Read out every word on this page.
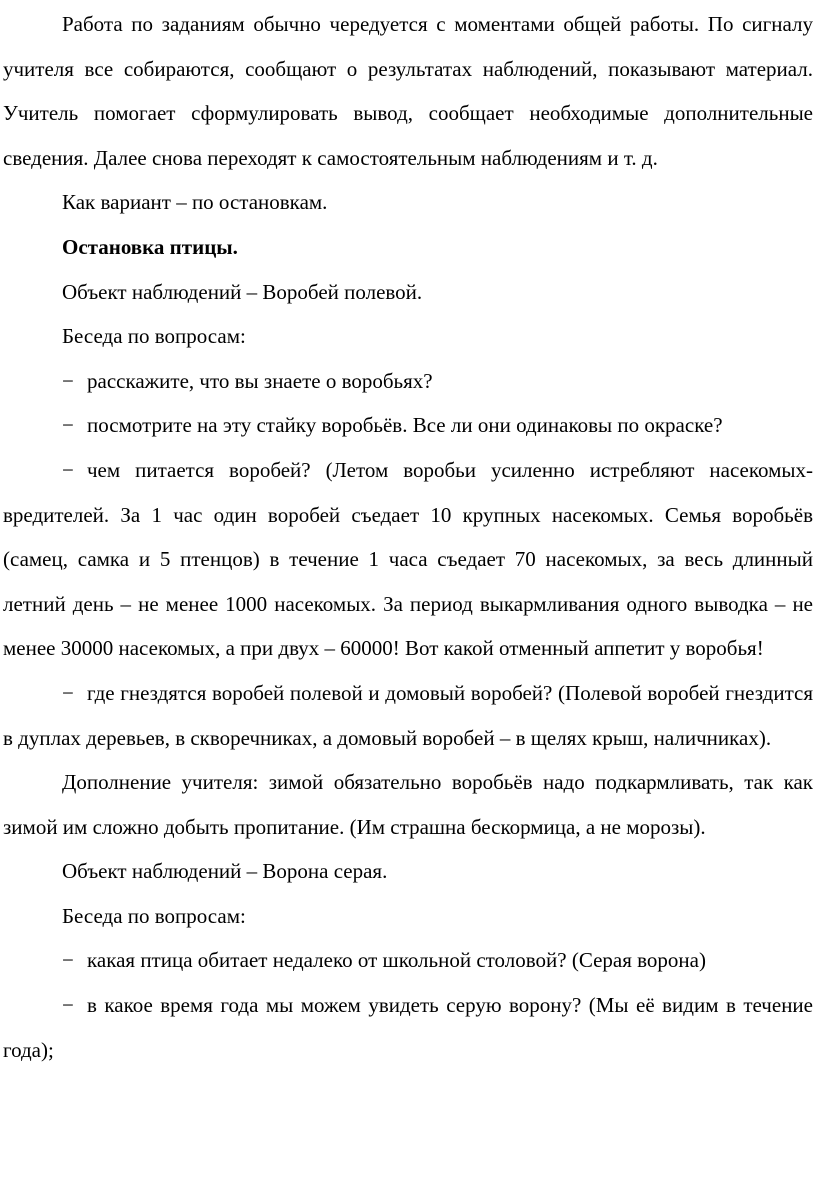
Работа по заданиям обычно чередуется с моментами общей работы. По сигналу учителя все собираются, сообщают о результатах наблюдений, показывают материал. Учитель помогает сформулировать вывод, сообщает необходимые дополнительные сведения. Далее снова переходят к самостоятельным наблюдениям и т. д.

Как вариант – по остановкам.

Остановка птицы.

Объект наблюдений – Воробей полевой.

Беседа по вопросам:

− расскажите, что вы знаете о воробьях?

− посмотрите на эту стайку воробьёв. Все ли они одинаковы по окраске?

− чем питается воробей? (Летом воробьи усиленно истребляют насекомых-вредителей. За 1 час один воробей съедает 10 крупных насекомых. Семья воробьёв (самец, самка и 5 птенцов) в течение 1 часа съедает 70 насекомых, за весь длинный летний день – не менее 1000 насекомых. За период выкармливания одного выводка – не менее 30000 насекомых, а при двух – 60000! Вот какой отменный аппетит у воробья!

− где гнездятся воробей полевой и домовый воробей? (Полевой воробей гнездится в дуплах деревьев, в скворечниках, а домовый воробей – в щелях крыш, наличниках).

Дополнение учителя: зимой обязательно воробьёв надо подкармливать, так как зимой им сложно добыть пропитание. (Им страшна бескормица, а не морозы).

Объект наблюдений – Ворона серая.

Беседа по вопросам:

− какая птица обитает недалеко от школьной столовой? (Серая ворона)

− в какое время года мы можем увидеть серую ворону? (Мы её видим в течение года);
